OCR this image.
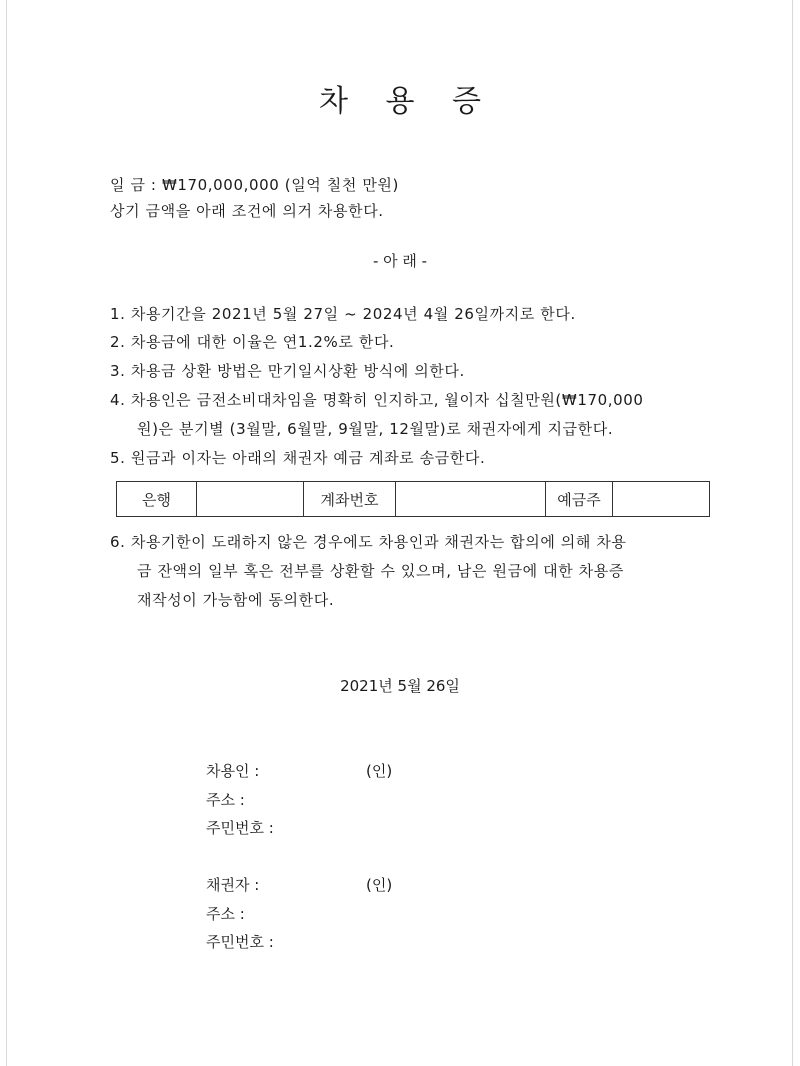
차 용 증
일 금 : ₩170,000,000 (일억 칠천 만원)
상기 금액을 아래 조건에 의거 차용한다.
- 아 래 -
1. 차용기간을 2021년 5월 27일 ~ 2024년 4월 26일까지로 한다.
2. 차용금에 대한 이율은 연1.2%로 한다.
3. 차용금 상환 방법은 만기일시상환 방식에 의한다.
4. 차용인은 금전소비대차임을 명확히 인지하고, 월이자 십칠만원(₩170,000
원)은 분기별 (3월말, 6월말, 9월말, 12월말)로 채권자에게 지급한다.
5. 원금과 이자는 아래의 채권자 예금 계좌로 송금한다.
은행		계좌번호		예금주	
6. 차용기한이 도래하지 않은 경우에도 차용인과 채권자는 합의에 의해 차용
금 잔액의 일부 혹은 전부를 상환할 수 있으며, 남은 원금에 대한 차용증
재작성이 가능함에 동의한다.
2021년 5월 26일
차용인 :	(인)
주소 :
주민번호 :
채권자 :	(인)
주소 :
주민번호 :
